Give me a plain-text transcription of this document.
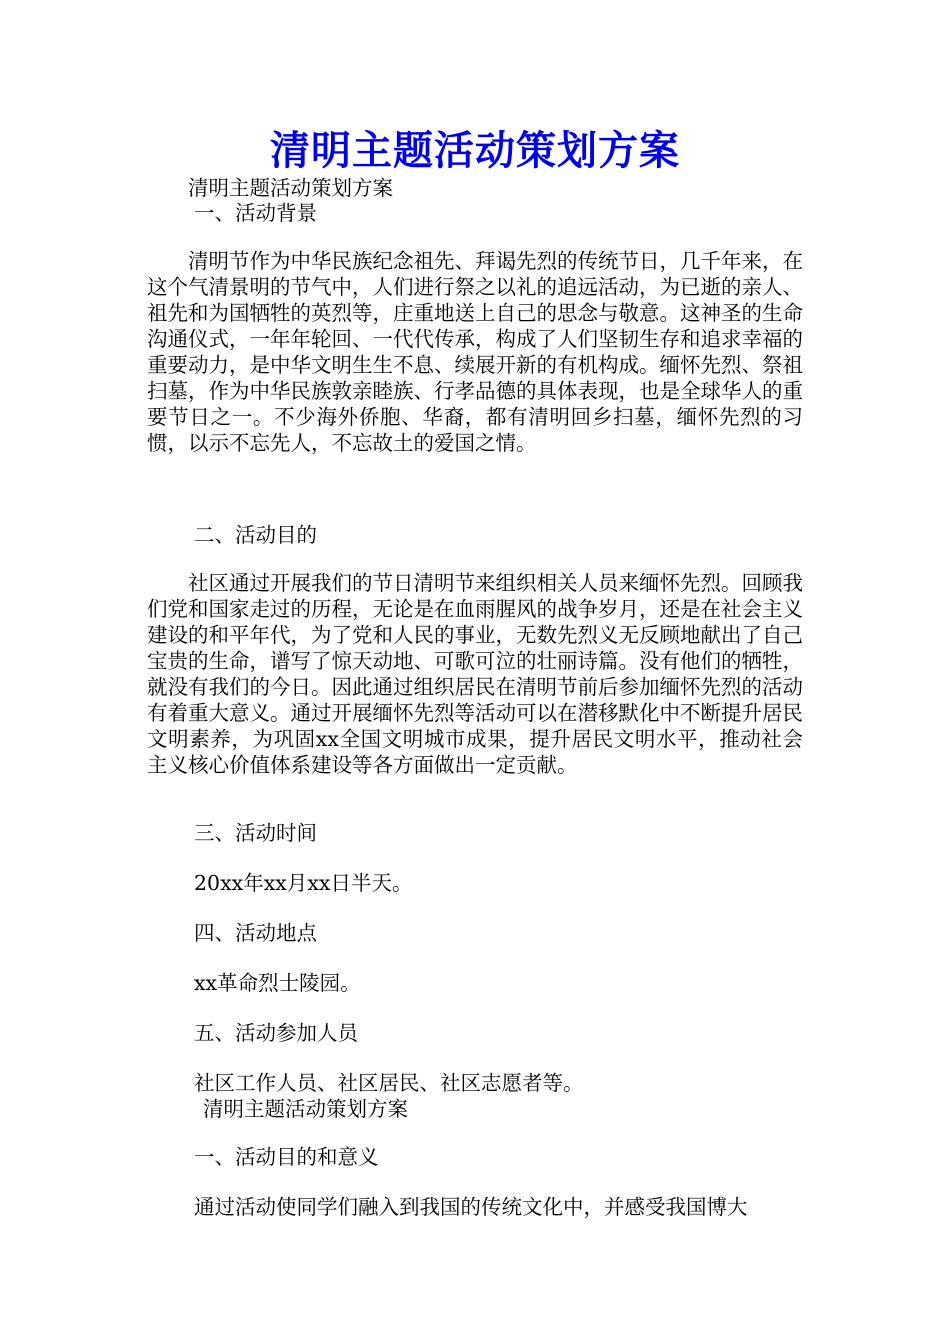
清明主题活动策划方案

清明主题活动策划方案

一、活动背景

清明节作为中华民族纪念祖先、拜谒先烈的传统节日，几千年来，在这个气清景明的节气中，人们进行祭之以礼的追远活动，为已逝的亲人、祖先和为国牺牲的英烈等，庄重地送上自己的思念与敬意。这神圣的生命沟通仪式，一年年轮回、一代代传承，构成了人们坚韧生存和追求幸福的重要动力，是中华文明生生不息、续展开新的有机构成。缅怀先烈、祭祖扫墓，作为中华民族敦亲睦族、行孝品德的具体表现，也是全球华人的重要节日之一。不少海外侨胞、华裔，都有清明回乡扫墓，缅怀先烈的习惯，以示不忘先人，不忘故土的爱国之情。

二、活动目的

社区通过开展我们的节日清明节来组织相关人员来缅怀先烈。回顾我们党和国家走过的历程，无论是在血雨腥风的战争岁月，还是在社会主义建设的和平年代，为了党和人民的事业，无数先烈义无反顾地献出了自己宝贵的生命，谱写了惊天动地、可歌可泣的壮丽诗篇。没有他们的牺牲，就没有我们的今日。因此通过组织居民在清明节前后参加缅怀先烈的活动有着重大意义。通过开展缅怀先烈等活动可以在潜移默化中不断提升居民文明素养，为巩固xx全国文明城市成果，提升居民文明水平，推动社会主义核心价值体系建设等各方面做出一定贡献。

三、活动时间

20xx年xx月xx日半天。

四、活动地点

xx革命烈士陵园。

五、活动参加人员

社区工作人员、社区居民、社区志愿者等。

清明主题活动策划方案

一、活动目的和意义

通过活动使同学们融入到我国的传统文化中，并感受我国博大
